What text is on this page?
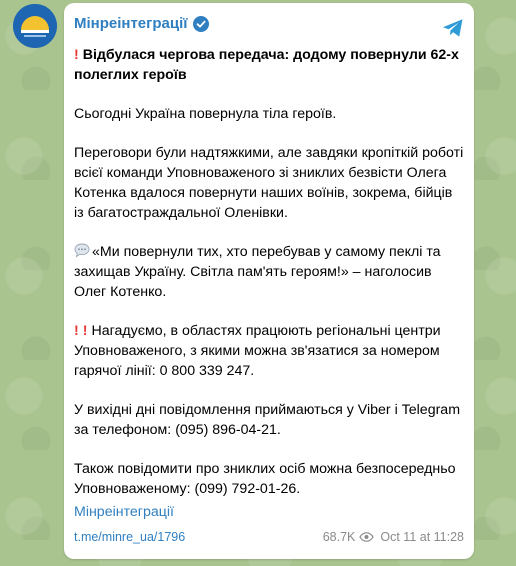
Мінреінтеграції

! Відбулася чергова передача: додому повернули 62-х полеглих героїв

Сьогодні Україна повернула тіла героїв.

Переговори були надтяжкими, але завдяки кропіткій роботі всієї команди Уповноваженого зі зниклих безвісти Олега Котенка вдалося повернути наших воїнів, зокрема, бійців із багатостраждальної Оленівки.

«Ми повернули тих, хто перебував у самому пеклі та захищав Україну. Світла пам'ять героям!» – наголосив Олег Котенко.

! ! Нагадуємо, в областях працюють регіональні центри Уповноваженого, з якими можна зв'язатися за номером гарячої лінії: 0 800 339 247.

У вихідні дні повідомлення приймаються у Viber і Telegram за телефоном: (095) 896-04-21.

Також повідомити про зниклих осіб можна безпосередньо Уповноваженому: (099) 792-01-26.

Мінреінтеграції
t.me/minre_ua/1796	68.7K Oct 11 at 11:28
